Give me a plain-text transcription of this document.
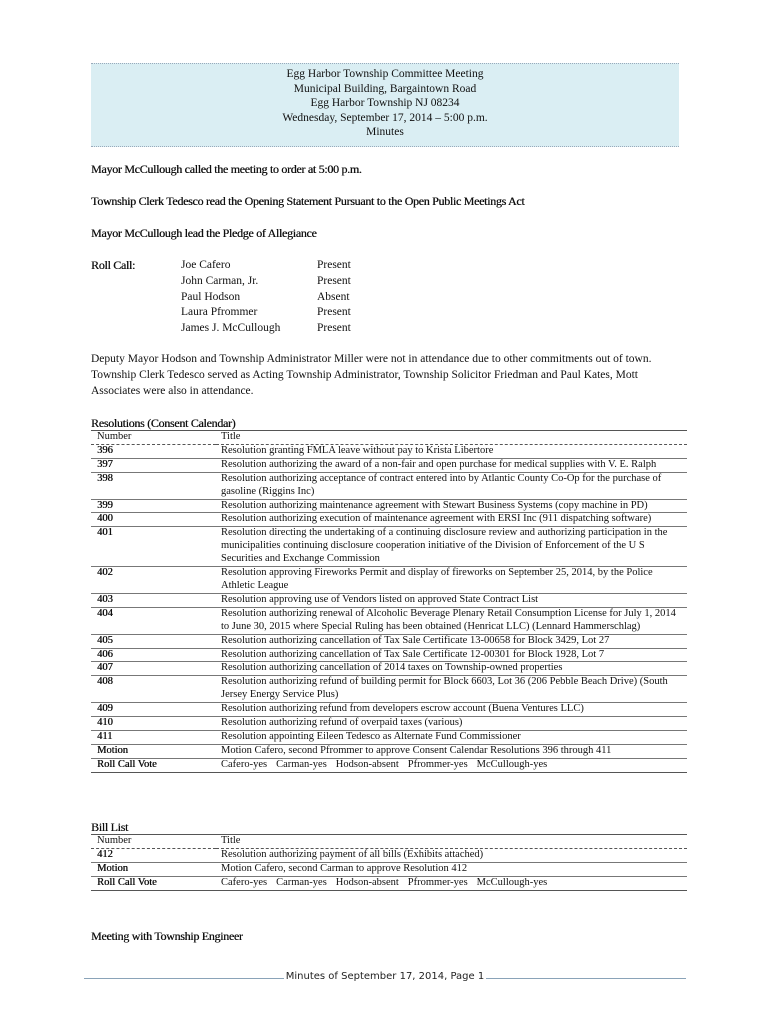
Egg Harbor Township Committee Meeting
Municipal Building, Bargaintown Road
Egg Harbor Township NJ 08234
Wednesday, September 17, 2014 – 5:00 p.m.
Minutes
Mayor McCullough called the meeting to order at 5:00 p.m.
Township Clerk Tedesco read the Opening Statement Pursuant to the Open Public Meetings Act
Mayor McCullough lead the Pledge of Allegiance
Roll Call:	Joe Cafero	Present
John Carman, Jr.	Present
Paul Hodson	Absent
Laura Pfrommer	Present
James J. McCullough	Present
Deputy Mayor Hodson and Township Administrator Miller were not in attendance due to other commitments out of town. Township Clerk Tedesco served as Acting Township Administrator, Township Solicitor Friedman and Paul Kates, Mott Associates were also in attendance.
Resolutions (Consent Calendar)
Number	Title
396	Resolution granting FMLA leave without pay to Krista Libertore
397	Resolution authorizing the award of a non-fair and open purchase for medical supplies with V. E. Ralph
398	Resolution authorizing acceptance of contract entered into by Atlantic County Co-Op for the purchase of gasoline (Riggins Inc)
399	Resolution authorizing maintenance agreement with Stewart Business Systems (copy machine in PD)
400	Resolution authorizing execution of maintenance agreement with ERSI Inc (911 dispatching software)
401	Resolution directing the undertaking of a continuing disclosure review and authorizing participation in the municipalities continuing disclosure cooperation initiative of the Division of Enforcement of the U S Securities and Exchange Commission
402	Resolution approving Fireworks Permit and display of fireworks on September 25, 2014, by the Police Athletic League
403	Resolution approving use of Vendors listed on approved State Contract List
404	Resolution authorizing renewal of Alcoholic Beverage Plenary Retail Consumption License for July 1, 2014 to June 30, 2015 where Special Ruling has been obtained (Henricat LLC) (Lennard Hammerschlag)
405	Resolution authorizing cancellation of Tax Sale Certificate 13-00658 for Block 3429, Lot 27
406	Resolution authorizing cancellation of Tax Sale Certificate 12-00301 for Block 1928, Lot 7
407	Resolution authorizing cancellation of 2014 taxes on Township-owned properties
408	Resolution authorizing refund of building permit for Block 6603, Lot 36 (206 Pebble Beach Drive) (South Jersey Energy Service Plus)
409	Resolution authorizing refund from developers escrow account (Buena Ventures LLC)
410	Resolution authorizing refund of overpaid taxes (various)
411	Resolution appointing Eileen Tedesco as Alternate Fund Commissioner
Motion	Motion Cafero, second Pfrommer to approve Consent Calendar Resolutions 396 through 411
Roll Call Vote	Cafero-yes Carman-yes Hodson-absent Pfrommer-yes McCullough-yes
Bill List
Number	Title
412	Resolution authorizing payment of all bills (Exhibits attached)
Motion	Motion Cafero, second Carman to approve Resolution 412
Roll Call Vote	Cafero-yes Carman-yes Hodson-absent Pfrommer-yes McCullough-yes
Meeting with Township Engineer
Minutes of September 17, 2014, Page 1
